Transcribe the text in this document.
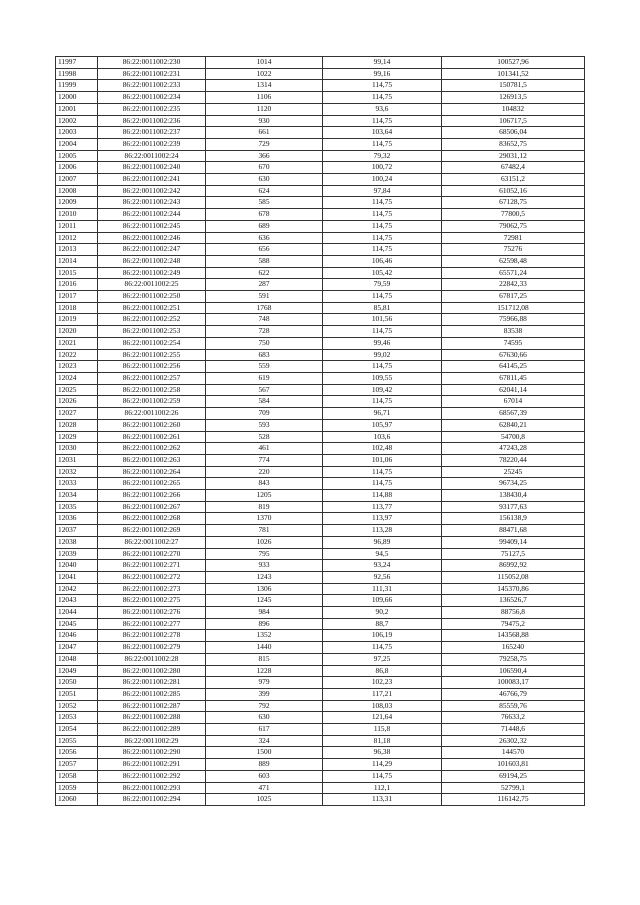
11997	86:22:0011002:230	1014	99,14	100527,96
11998	86:22:0011002:231	1022	99,16	101341,52
11999	86:22:0011002:233	1314	114,75	150781,5
12000	86:22:0011002:234	1106	114,75	126913,5
12001	86:22:0011002:235	1120	93,6	104832
12002	86:22:0011002:236	930	114,75	106717,5
12003	86:22:0011002:237	661	103,64	68506,04
12004	86:22:0011002:239	729	114,75	83652,75
12005	86:22:0011002:24	366	79,32	29031,12
12006	86:22:0011002:240	670	100,72	67482,4
12007	86:22:0011002:241	630	100,24	63151,2
12008	86:22:0011002:242	624	97,84	61052,16
12009	86:22:0011002:243	585	114,75	67128,75
12010	86:22:0011002:244	678	114,75	77800,5
12011	86:22:0011002:245	689	114,75	79062,75
12012	86:22:0011002:246	636	114,75	72981
12013	86:22:0011002:247	656	114,75	75276
12014	86:22:0011002:248	588	106,46	62598,48
12015	86:22:0011002:249	622	105,42	65571,24
12016	86:22:0011002:25	287	79,59	22842,33
12017	86:22:0011002:250	591	114,75	67817,25
12018	86:22:0011002:251	1768	85,81	151712,08
12019	86:22:0011002:252	748	101,56	75966,88
12020	86:22:0011002:253	728	114,75	83538
12021	86:22:0011002:254	750	99,46	74595
12022	86:22:0011002:255	683	99,02	67630,66
12023	86:22:0011002:256	559	114,75	64145,25
12024	86:22:0011002:257	619	109,55	67811,45
12025	86:22:0011002:258	567	109,42	62041,14
12026	86:22:0011002:259	584	114,75	67014
12027	86:22:0011002:26	709	96,71	68567,39
12028	86:22:0011002:260	593	105,97	62840,21
12029	86:22:0011002:261	528	103,6	54700,8
12030	86:22:0011002:262	461	102,48	47243,28
12031	86:22:0011002:263	774	101,06	78220,44
12032	86:22:0011002:264	220	114,75	25245
12033	86:22:0011002:265	843	114,75	96734,25
12034	86:22:0011002:266	1205	114,88	138430,4
12035	86:22:0011002:267	819	113,77	93177,63
12036	86:22:0011002:268	1370	113,97	156138,9
12037	86:22:0011002:269	781	113,28	88471,68
12038	86:22:0011002:27	1026	96,89	99409,14
12039	86:22:0011002:270	795	94,5	75127,5
12040	86:22:0011002:271	933	93,24	86992,92
12041	86:22:0011002:272	1243	92,56	115052,08
12042	86:22:0011002:273	1306	111,31	145370,86
12043	86:22:0011002:275	1245	109,66	136526,7
12044	86:22:0011002:276	984	90,2	88756,8
12045	86:22:0011002:277	896	88,7	79475,2
12046	86:22:0011002:278	1352	106,19	143568,88
12047	86:22:0011002:279	1440	114,75	165240
12048	86:22:0011002:28	815	97,25	79258,75
12049	86:22:0011002:280	1228	86,8	106590,4
12050	86:22:0011002:281	979	102,23	100083,17
12051	86:22:0011002:285	399	117,21	46766,79
12052	86:22:0011002:287	792	108,03	85559,76
12053	86:22:0011002:288	630	121,64	76633,2
12054	86:22:0011002:289	617	115,8	71448,6
12055	86:22:0011002:29	324	81,18	26302,32
12056	86:22:0011002:290	1500	96,38	144570
12057	86:22:0011002:291	889	114,29	101603,81
12058	86:22:0011002:292	603	114,75	69194,25
12059	86:22:0011002:293	471	112,1	52799,1
12060	86:22:0011002:294	1025	113,31	116142,75
